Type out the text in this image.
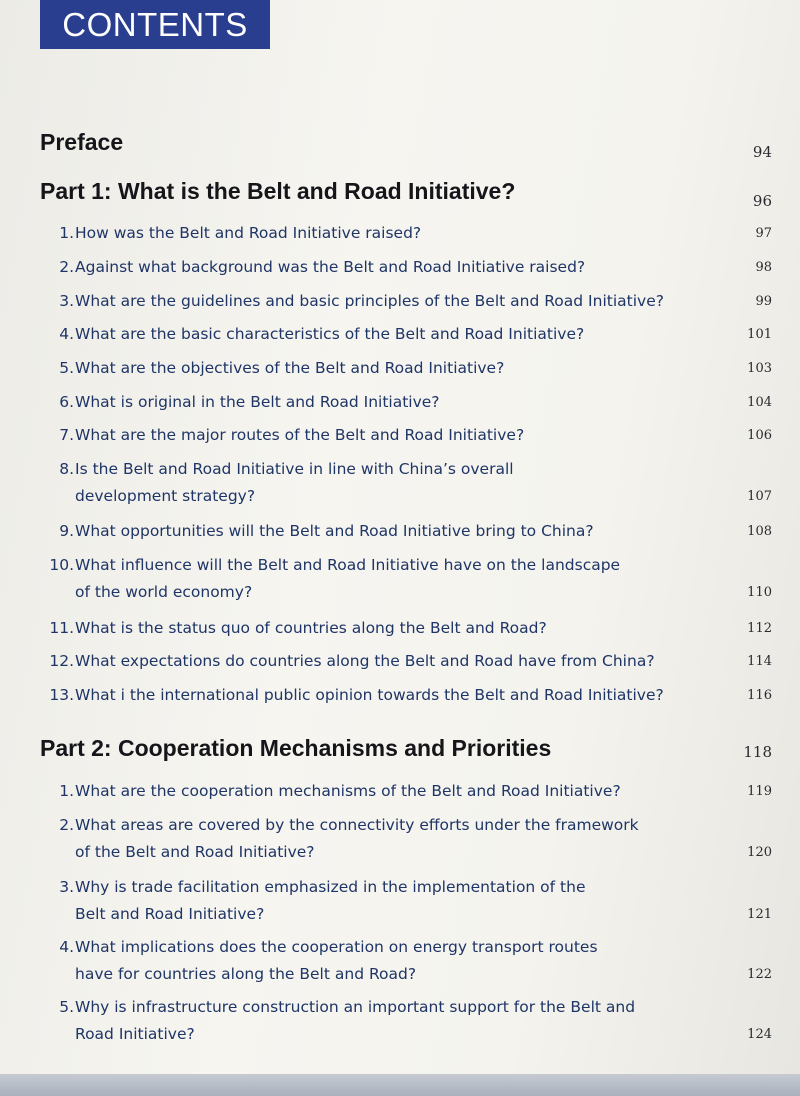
CONTENTS
Preface	94
Part 1: What is the Belt and Road Initiative?	96
1. How was the Belt and Road Initiative raised?	97
2. Against what background was the Belt and Road Initiative raised?	98
3. What are the guidelines and basic principles of the Belt and Road Initiative?	99
4. What are the basic characteristics of the Belt and Road Initiative?	101
5. What are the objectives of the Belt and Road Initiative?	103
6. What is original in the Belt and Road Initiative?	104
7. What are the major routes of the Belt and Road Initiative?	106
8. Is the Belt and Road Initiative in line with China’s overall
development strategy?	107
9. What opportunities will the Belt and Road Initiative bring to China?	108
10. What influence will the Belt and Road Initiative have on the landscape
of the world economy?	110
11. What is the status quo of countries along the Belt and Road?	112
12. What expectations do countries along the Belt and Road have from China?	114
13. What i the international public opinion towards the Belt and Road Initiative?	116
Part 2: Cooperation Mechanisms and Priorities	118
1. What are the cooperation mechanisms of the Belt and Road Initiative?	119
2. What areas are covered by the connectivity efforts under the framework
of the Belt and Road Initiative?	120
3. Why is trade facilitation emphasized in the implementation of the
Belt and Road Initiative?	121
4. What implications does the cooperation on energy transport routes
have for countries along the Belt and Road?	122
5. Why is infrastructure construction an important support for the Belt and
Road Initiative?	124
